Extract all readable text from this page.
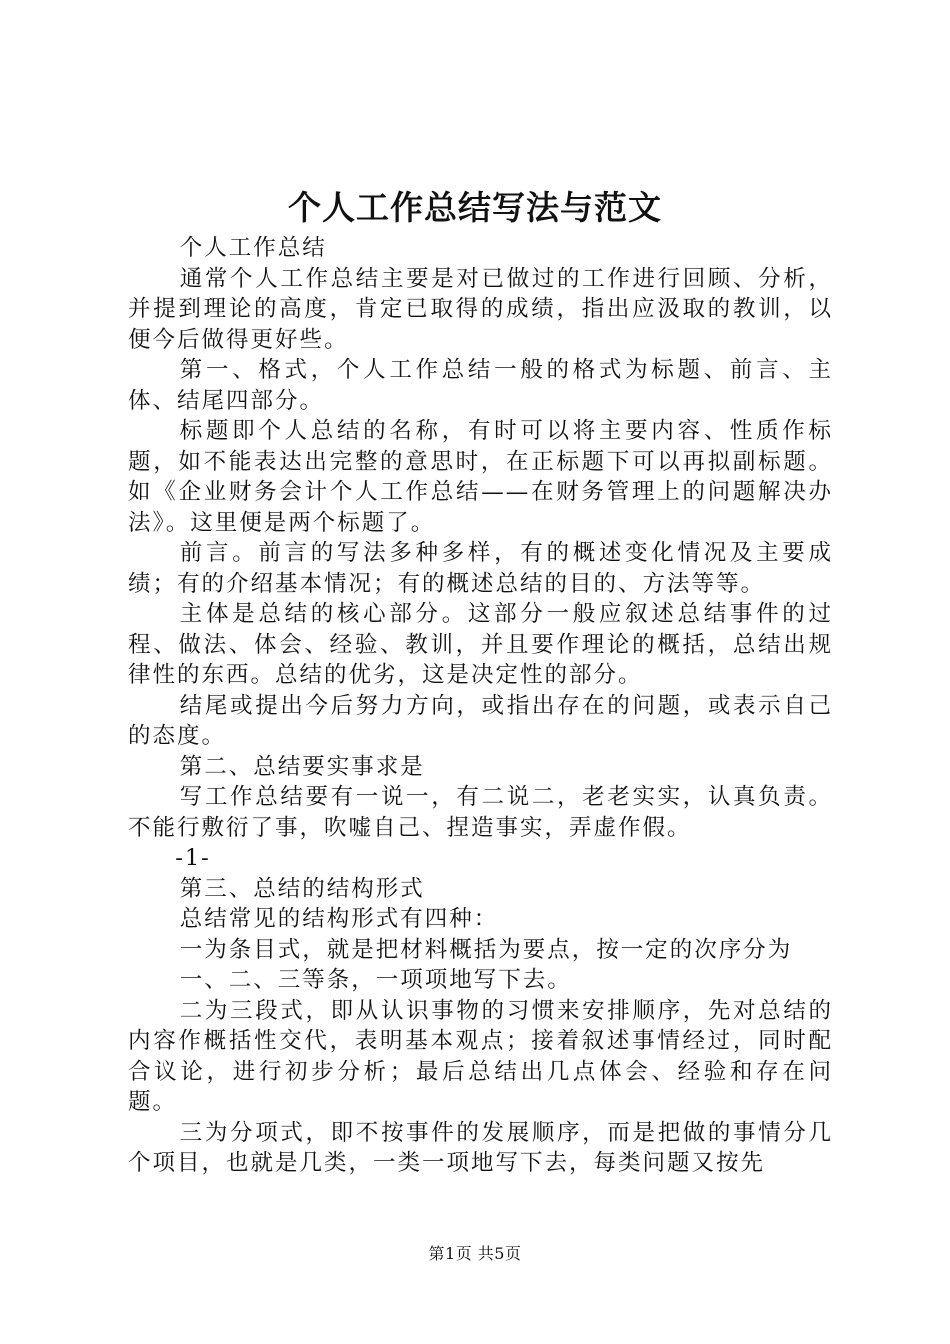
个人工作总结写法与范文

个人工作总结

通常个人工作总结主要是对已做过的工作进行回顾、分析，并提到理论的高度，肯定已取得的成绩，指出应汲取的教训，以便今后做得更好些。

第一、格式，个人工作总结一般的格式为标题、前言、主体、结尾四部分。

标题即个人总结的名称，有时可以将主要内容、性质作标题，如不能表达出完整的意思时，在正标题下可以再拟副标题。如《企业财务会计个人工作总结——在财务管理上的问题解决办法》。这里便是两个标题了。

前言。前言的写法多种多样，有的概述变化情况及主要成绩；有的介绍基本情况；有的概述总结的目的、方法等等。

主体是总结的核心部分。这部分一般应叙述总结事件的过程、做法、体会、经验、教训，并且要作理论的概括，总结出规律性的东西。总结的优劣，这是决定性的部分。

结尾或提出今后努力方向，或指出存在的问题，或表示自己的态度。

第二、总结要实事求是

写工作总结要有一说一，有二说二，老老实实，认真负责。不能行敷衍了事，吹嘘自己、捏造事实，弄虚作假。

-1-

第三、总结的结构形式

总结常见的结构形式有四种：

一为条目式，就是把材料概括为要点，按一定的次序分为

一、二、三等条，一项项地写下去。

二为三段式，即从认识事物的习惯来安排顺序，先对总结的内容作概括性交代，表明基本观点；接着叙述事情经过，同时配合议论，进行初步分析；最后总结出几点体会、经验和存在问题。

三为分项式，即不按事件的发展顺序，而是把做的事情分几个项目，也就是几类，一类一项地写下去，每类问题又按先

第1页 共5页
